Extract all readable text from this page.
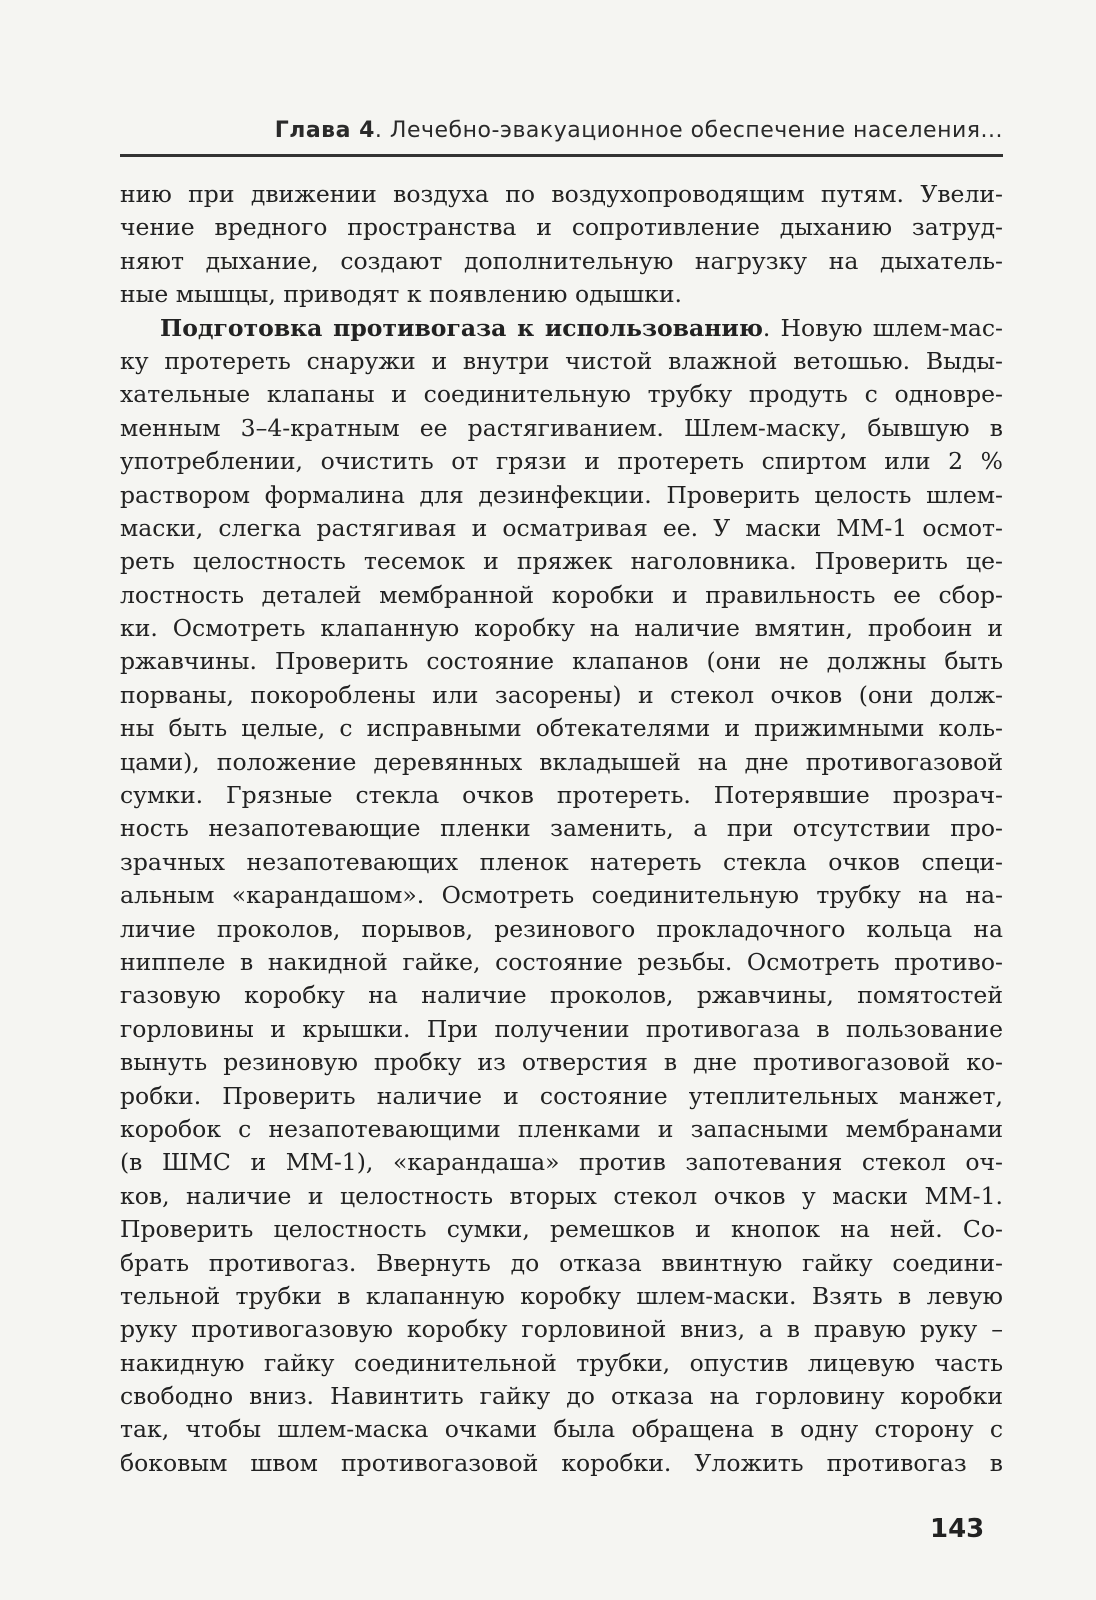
Глава 4. Лечебно-эвакуационное обеспечение населения...
нию при движении воздуха по воздухопроводящим путям. Увели-
чение вредного пространства и сопротивление дыханию затруд-
няют дыхание, создают дополнительную нагрузку на дыхатель-
ные мышцы, приводят к появлению одышки.
Подготовка противогаза к использованию. Новую шлем-мас-
ку протереть снаружи и внутри чистой влажной ветошью. Выды-
хательные клапаны и соединительную трубку продуть с одновре-
менным 3–4-кратным ее растягиванием. Шлем-маску, бывшую в
употреблении, очистить от грязи и протереть спиртом или 2 %
раствором формалина для дезинфекции. Проверить целость шлем-
маски, слегка растягивая и осматривая ее. У маски ММ-1 осмот-
реть целостность тесемок и пряжек наголовника. Проверить це-
лостность деталей мембранной коробки и правильность ее сбор-
ки. Осмотреть клапанную коробку на наличие вмятин, пробоин и
ржавчины. Проверить состояние клапанов (они не должны быть
порваны, покороблены или засорены) и стекол очков (они долж-
ны быть целые, с исправными обтекателями и прижимными коль-
цами), положение деревянных вкладышей на дне противогазовой
сумки. Грязные стекла очков протереть. Потерявшие прозрач-
ность незапотевающие пленки заменить, а при отсутствии про-
зрачных незапотевающих пленок натереть стекла очков специ-
альным «карандашом». Осмотреть соединительную трубку на на-
личие проколов, порывов, резинового прокладочного кольца на
ниппеле в накидной гайке, состояние резьбы. Осмотреть противо-
газовую коробку на наличие проколов, ржавчины, помятостей
горловины и крышки. При получении противогаза в пользование
вынуть резиновую пробку из отверстия в дне противогазовой ко-
робки. Проверить наличие и состояние утеплительных манжет,
коробок с незапотевающими пленками и запасными мембранами
(в ШМС и ММ-1), «карандаша» против запотевания стекол оч-
ков, наличие и целостность вторых стекол очков у маски ММ-1.
Проверить целостность сумки, ремешков и кнопок на ней. Со-
брать противогаз. Ввернуть до отказа ввинтную гайку соедини-
тельной трубки в клапанную коробку шлем-маски. Взять в левую
руку противогазовую коробку горловиной вниз, а в правую руку –
накидную гайку соединительной трубки, опустив лицевую часть
свободно вниз. Навинтить гайку до отказа на горловину коробки
так, чтобы шлем-маска очками была обращена в одну сторону с
боковым швом противогазовой коробки. Уложить противогаз в
143
